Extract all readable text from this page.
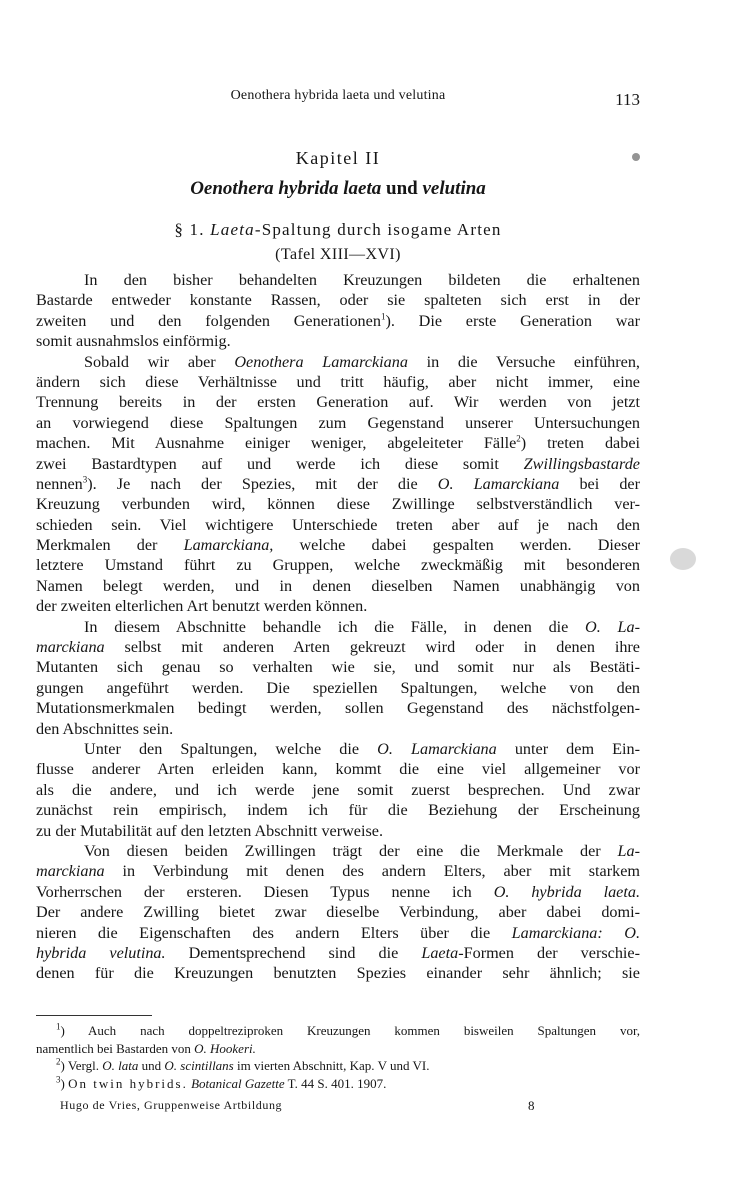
Oenothera hybrida laeta und velutina	113
Kapitel II
Oenothera hybrida laeta und velutina
§ 1. Laeta-Spaltung durch isogame Arten
(Tafel XIII—XVI)
In den bisher behandelten Kreuzungen bildeten die erhaltenen
Bastarde entweder konstante Rassen, oder sie spalteten sich erst in der
zweiten und den folgenden Generationen$^1$). Die erste Generation war
somit ausnahmslos einförmig.
Sobald wir aber Oenothera Lamarckiana in die Versuche einführen,
ändern sich diese Verhältnisse und tritt häufig, aber nicht immer, eine
Trennung bereits in der ersten Generation auf. Wir werden von jetzt
an vorwiegend diese Spaltungen zum Gegenstand unserer Untersuchungen
machen. Mit Ausnahme einiger weniger, abgeleiteter Fälle$^2$) treten dabei
zwei Bastardtypen auf und werde ich diese somit Zwillingsbastarde
nennen$^3$). Je nach der Spezies, mit der die O. Lamarckiana bei der
Kreuzung verbunden wird, können diese Zwillinge selbstverständlich ver-
schieden sein. Viel wichtigere Unterschiede treten aber auf je nach den
Merkmalen der Lamarckiana, welche dabei gespalten werden. Dieser
letztere Umstand führt zu Gruppen, welche zweckmäßig mit besonderen
Namen belegt werden, und in denen dieselben Namen unabhängig von
der zweiten elterlichen Art benutzt werden können.
In diesem Abschnitte behandle ich die Fälle, in denen die O. La-
marckiana selbst mit anderen Arten gekreuzt wird oder in denen ihre
Mutanten sich genau so verhalten wie sie, und somit nur als Bestäti-
gungen angeführt werden. Die speziellen Spaltungen, welche von den
Mutationsmerkmalen bedingt werden, sollen Gegenstand des nächstfolgen-
den Abschnittes sein.
Unter den Spaltungen, welche die O. Lamarckiana unter dem Ein-
flusse anderer Arten erleiden kann, kommt die eine viel allgemeiner vor
als die andere, und ich werde jene somit zuerst besprechen. Und zwar
zunächst rein empirisch, indem ich für die Beziehung der Erscheinung
zu der Mutabilität auf den letzten Abschnitt verweise.
Von diesen beiden Zwillingen trägt der eine die Merkmale der La-
marckiana in Verbindung mit denen des andern Elters, aber mit starkem
Vorherrschen der ersteren. Diesen Typus nenne ich O. hybrida laeta.
Der andere Zwilling bietet zwar dieselbe Verbindung, aber dabei domi-
nieren die Eigenschaften des andern Elters über die Lamarckiana: O.
hybrida velutina. Dementsprechend sind die Laeta-Formen der verschie-
denen für die Kreuzungen benutzten Spezies einander sehr ähnlich; sie
$^1$) Auch nach doppeltreziproken Kreuzungen kommen bisweilen Spaltungen vor,
namentlich bei Bastarden von O. Hookeri.
$^2$) Vergl. O. lata und O. scintillans im vierten Abschnitt, Kap. V und VI.
$^3$) On twin hybrids. Botanical Gazette T. 44 S. 401. 1907.
Hugo de Vries, Gruppenweise Artbildung	8
